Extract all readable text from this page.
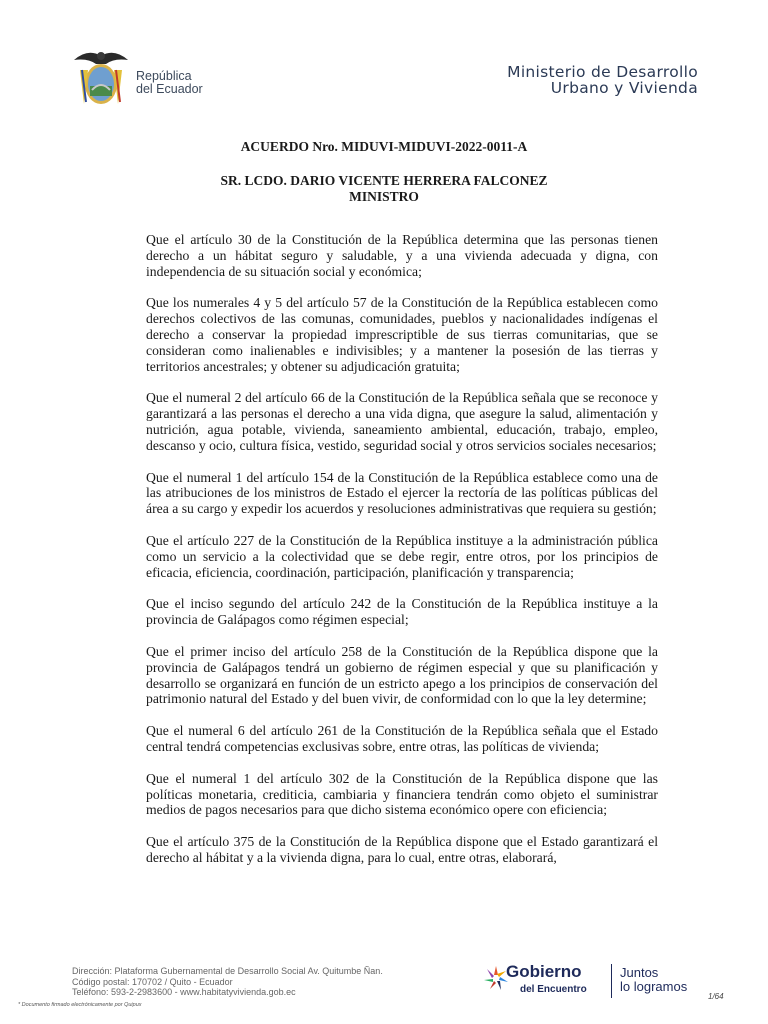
República
del Ecuador
Ministerio de Desarrollo
Urbano y Vivienda
ACUERDO Nro. MIDUVI-MIDUVI-2022-0011-A
SR. LCDO. DARIO VICENTE HERRERA FALCONEZ
MINISTRO

Que el artículo 30 de la Constitución de la República determina que las personas tienen derecho a un hábitat seguro y saludable, y a una vivienda adecuada y digna, con independencia de su situación social y económica;

Que los numerales 4 y 5 del artículo 57 de la Constitución de la República establecen como derechos colectivos de las comunas, comunidades, pueblos y nacionalidades indígenas el derecho a conservar la propiedad imprescriptible de sus tierras comunitarias, que se consideran como inalienables e indivisibles; y a mantener la posesión de las tierras y territorios ancestrales; y obtener su adjudicación gratuita;

Que el numeral 2 del artículo 66 de la Constitución de la República señala que se reconoce y garantizará a las personas el derecho a una vida digna, que asegure la salud, alimentación y nutrición, agua potable, vivienda, saneamiento ambiental, educación, trabajo, empleo, descanso y ocio, cultura física, vestido, seguridad social y otros servicios sociales necesarios;

Que el numeral 1 del artículo 154 de la Constitución de la República establece como una de las atribuciones de los ministros de Estado el ejercer la rectoría de las políticas públicas del área a su cargo y expedir los acuerdos y resoluciones administrativas que requiera su gestión;

Que el artículo 227 de la Constitución de la República instituye a la administración pública como un servicio a la colectividad que se debe regir, entre otros, por los principios de eficacia, eficiencia, coordinación, participación, planificación y transparencia;

Que el inciso segundo del artículo 242 de la Constitución de la República instituye a la provincia de Galápagos como régimen especial;

Que el primer inciso del artículo 258 de la Constitución de la República dispone que la provincia de Galápagos tendrá un gobierno de régimen especial y que su planificación y desarrollo se organizará en función de un estricto apego a los principios de conservación del patrimonio natural del Estado y del buen vivir, de conformidad con lo que la ley determine;

Que el numeral 6 del artículo 261 de la Constitución de la República señala que el Estado central tendrá competencias exclusivas sobre, entre otras, las políticas de vivienda;

Que el numeral 1 del artículo 302 de la Constitución de la República dispone que las políticas monetaria, crediticia, cambiaria y financiera tendrán como objeto el suministrar medios de pagos necesarios para que dicho sistema económico opere con eficiencia;

Que el artículo 375 de la Constitución de la República dispone que el Estado garantizará el derecho al hábitat y a la vivienda digna, para lo cual, entre otras, elaborará,

Dirección: Plataforma Gubernamental de Desarrollo Social Av. Quitumbe Ñan.
Código postal: 170702 / Quito - Ecuador
Teléfono: 593-2-2983600 - www.habitatyvivienda.gob.ec
* Documento firmado electrónicamente por Quipux
Gobierno
del Encuentro
Juntos
lo logramos
1/64
